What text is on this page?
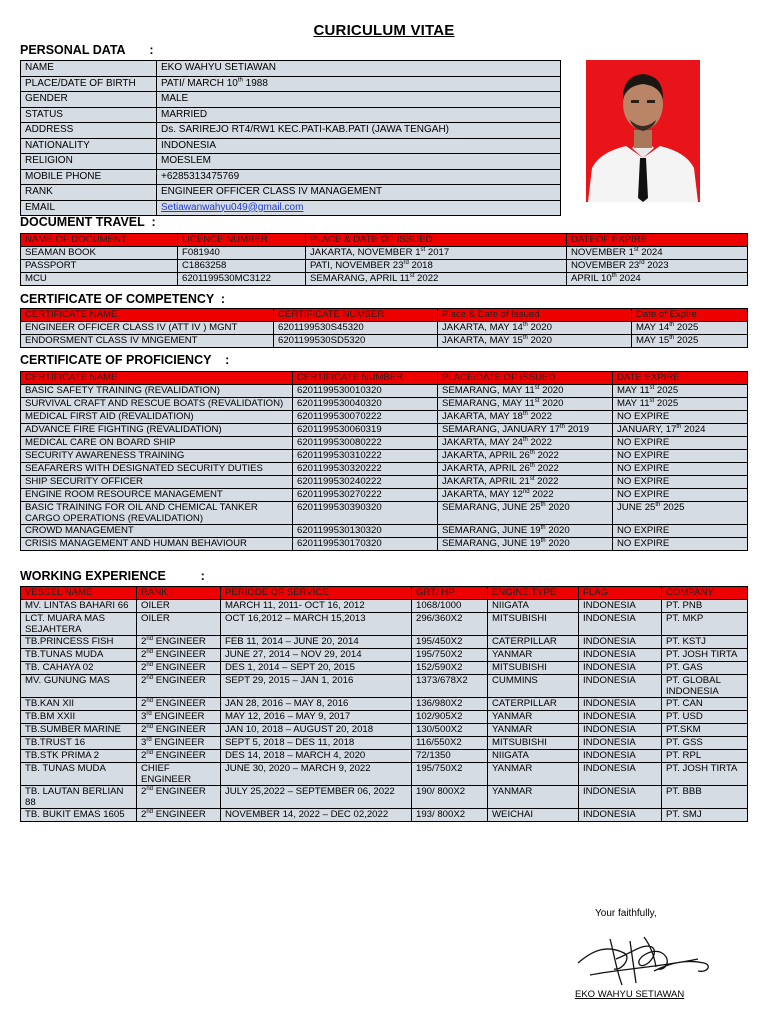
CURICULUM VITAE
PERSONAL DATA       :
NAME	EKO WAHYU SETIAWAN
PLACE/DATE OF BIRTH	PATI/ MARCH 10th 1988
GENDER	MALE
STATUS	MARRIED
ADDRESS	Ds. SARIREJO RT4/RW1 KEC.PATI-KAB.PATI (JAWA TENGAH)
NATIONALITY	INDONESIA
RELIGION	MOESLEM
MOBILE PHONE	+6285313475769
RANK	ENGINEER OFFICER CLASS IV MANAGEMENT
EMAIL	Setiawanwahyu049@gmail.com
DOCUMENT TRAVEL  :
NAME OF DOCUMENT	LICENCE NUMBER	PLACE & DATE OF ISSUED	DATEOF EXPIRE
SEAMAN BOOK	F081940	JAKARTA, NOVEMBER 1st 2017	NOVEMBER 1st 2024
PASSPORT	C1863258	PATI, NOVEMBER 23rd 2018	NOVEMBER 23rd 2023
MCU	6201199530MC3122	SEMARANG, APRIL 11st 2022	APRIL 10th 2024
CERTIFICATE OF COMPETENCY  :
CERTIFICATE NAME	CERTIFICATE NUMBER	Place & Date of Issued	Date of Expire
ENGINEER OFFICER CLASS IV (ATT IV ) MGNT	6201199530S45320	JAKARTA, MAY 14th 2020	MAY 14th 2025
ENDORSMENT CLASS IV MNGEMENT	6201199530SD5320	JAKARTA, MAY 15th 2020	MAY 15th 2025
CERTIFICATE OF PROFICIENCY    :
CERTIFICATE NAME	CERTIFICATE NUMBER	PLACE/DATE OF ISSUED	DATE EXPIRE
BASIC SAFETY TRAINING (REVALIDATION)	6201199530010320	SEMARANG, MAY 11st 2020	MAY 11st 2025
SURVIVAL CRAFT AND RESCUE BOATS (REVALIDATION)	6201199530040320	SEMARANG, MAY 11st 2020	MAY 11st 2025
MEDICAL FIRST AID (REVALIDATION)	6201199530070222	JAKARTA, MAY 18th 2022	NO EXPIRE
ADVANCE FIRE FIGHTING (REVALIDATION)	6201199530060319	SEMARANG, JANUARY 17th 2019	JANUARY, 17th 2024
MEDICAL CARE ON BOARD SHIP	6201199530080222	JAKARTA, MAY 24th 2022	NO EXPIRE
SECURITY AWARENESS TRAINING	6201199530310222	JAKARTA, APRIL 26th 2022	NO EXPIRE
SEAFARERS WITH DESIGNATED SECURITY DUTIES	6201199530320222	JAKARTA, APRIL 26th 2022	NO EXPIRE
SHIP SECURITY OFFICER	6201199530240222	JAKARTA, APRIL 21st 2022	NO EXPIRE
ENGINE ROOM RESOURCE MANAGEMENT	6201199530270222	JAKARTA, MAY 12nd 2022	NO EXPIRE
BASIC TRAINING FOR OIL AND CHEMICAL TANKER CARGO OPERATIONS (REVALIDATION)	6201199530390320	SEMARANG, JUNE 25th 2020	JUNE 25th 2025
CROWD MANAGEMENT	6201199530130320	SEMARANG, JUNE 19th 2020	NO EXPIRE
CRISIS MANAGEMENT AND HUMAN BEHAVIOUR	6201199530170320	SEMARANG, JUNE 19th 2020	NO EXPIRE
WORKING EXPERIENCE          :
VESSEL NAME	RANK	PERIODE OF SERVICE	GRT/ HP	ENGINE TYPE	FLAG	COMPANY
MV. LINTAS BAHARI 66	OILER	MARCH 11, 2011- OCT 16, 2012	1068/1000	NIIGATA	INDONESIA	PT. PNB
LCT. MUARA MAS SEJAHTERA	OILER	OCT 16,2012 – MARCH 15,2013	296/360X2	MITSUBISHI	INDONESIA	PT. MKP
TB.PRINCESS FISH	2nd ENGINEER	FEB 11, 2014 – JUNE 20, 2014	195/450X2	CATERPILLAR	INDONESIA	PT. KSTJ
TB.TUNAS MUDA	2nd ENGINEER	JUNE 27, 2014 – NOV 29, 2014	195/750X2	YANMAR	INDONESIA	PT. JOSH TIRTA
TB. CAHAYA 02	2nd ENGINEER	DES 1, 2014 – SEPT 20, 2015	152/590X2	MITSUBISHI	INDONESIA	PT. GAS
MV. GUNUNG MAS	2nd ENGINEER	SEPT 29, 2015 – JAN 1, 2016	1373/678X2	CUMMINS	INDONESIA	PT. GLOBAL INDONESIA
TB.KAN XII	2nd ENGINEER	JAN 28, 2016 – MAY 8, 2016	136/980X2	CATERPILLAR	INDONESIA	PT. CAN
TB.BM XXII	3rd ENGINEER	MAY 12, 2016 – MAY 9, 2017	102/905X2	YANMAR	INDONESIA	PT. USD
TB.SUMBER MARINE	2nd ENGINEER	JAN 10, 2018 – AUGUST 20, 2018	130/500X2	YANMAR	INDONESIA	PT.SKM
TB.TRUST 16	3rd ENGINEER	SEPT 5, 2018 – DES 11, 2018	116/550X2	MITSUBISHI	INDONESIA	PT. GSS
TB.STK PRIMA 2	2nd ENGINEER	DES 14, 2018 – MARCH 4, 2020	72/1350	NIIGATA	INDONESIA	PT. RPL
TB. TUNAS MUDA	CHIEF ENGINEER	JUNE 30, 2020 – MARCH 9, 2022	195/750X2	YANMAR	INDONESIA	PT. JOSH TIRTA
TB. LAUTAN BERLIAN 88	2nd ENGINEER	JULY 25,2022 – SEPTEMBER 06, 2022	190/ 800X2	YANMAR	INDONESIA	PT. BBB
TB. BUKIT EMAS 1605	2nd ENGINEER	NOVEMBER 14, 2022 – DEC 02,2022	193/ 800X2	WEICHAI	INDONESIA	PT. SMJ
Your faithfully,
EKO WAHYU SETIAWAN
